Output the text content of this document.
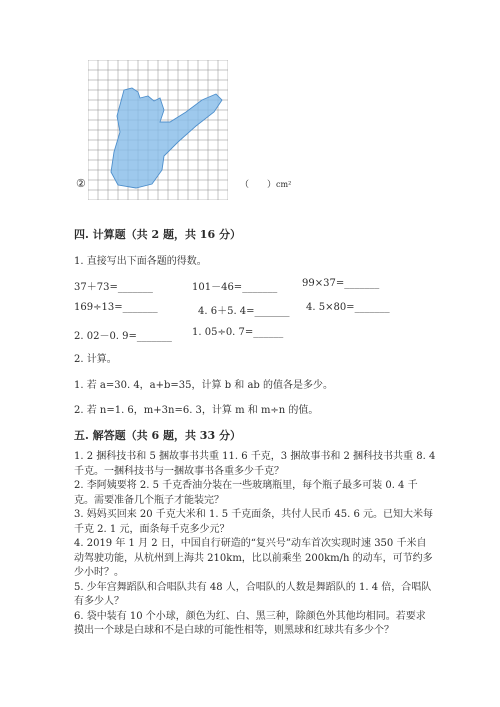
②	（　　）cm²
四. 计算题（共 2 题，共 16 分）
1. 直接写出下面各题的得数。
37＋73=_______	101－46=_______ 99×37=_______
169÷13=_______	4. 6＋5. 4=_______ 4. 5×80=_______
2. 02－0. 9=_______ 1. 05÷0. 7=______
2. 计算。
1. 若 a=30. 4，a+b=35，计算 b 和 ab 的值各是多少。
2. 若 n=1. 6，m+3n=6. 3，计算 m 和 m÷n 的值。
五. 解答题（共 6 题，共 33 分）
1. 2 捆科技书和 5 捆故事书共重 11. 6 千克，3 捆故事书和 2 捆科技书共重 8. 4
千克。一捆科技书与一捆故事书各重多少千克？
2. 李阿姨要将 2. 5 千克香油分装在一些玻璃瓶里，每个瓶子最多可装 0. 4 千
克。需要准备几个瓶子才能装完？
3. 妈妈买回来 20 千克大米和 1. 5 千克面条，共付人民币 45. 6 元。已知大米每
千克 2. 1 元，面条每千克多少元？
4. 2019 年 1 月 2 日，中国自行研造的“复兴号”动车首次实现时速 350 千米自
动驾驶功能，从杭州到上海共 210km，比以前乘坐 200km/h 的动车，可节约多
少小时？。
5. 少年宫舞蹈队和合唱队共有 48 人，合唱队的人数是舞蹈队的 1. 4 倍，合唱队
有多少人？
6. 袋中装有 10 个小球，颜色为红、白、黑三种，除颜色外其他均相同。若要求
摸出一个球是白球和不是白球的可能性相等，则黑球和红球共有多少个？
